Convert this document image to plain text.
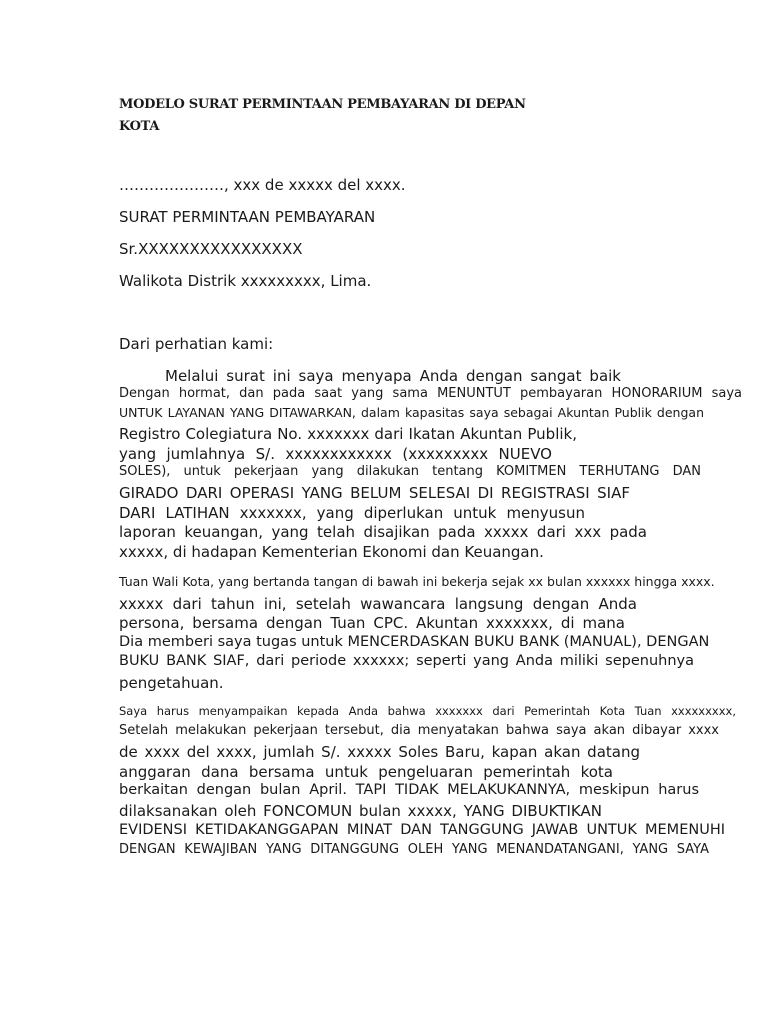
MODELO SURAT PERMINTAAN PEMBAYARAN DI DEPAN KOTA
…………………, xxx de xxxxx del xxxx.
SURAT PERMINTAAN PEMBAYARAN
Sr.XXXXXXXXXXXXXXXX
Walikota Distrik xxxxxxxxx, Lima.
Dari perhatian kami:
Melalui surat ini saya menyapa Anda dengan sangat baik
Dengan hormat, dan pada saat yang sama MENUNTUT pembayaran HONORARIUM saya
UNTUK LAYANAN YANG DITAWARKAN, dalam kapasitas saya sebagai Akuntan Publik dengan
Registro Colegiatura No. xxxxxxx dari Ikatan Akuntan Publik,
yang jumlahnya S/. xxxxxxxxxxxx (xxxxxxxxx NUEVO
SOLES), untuk pekerjaan yang dilakukan tentang KOMITMEN TERHUTANG DAN
GIRADO DARI OPERASI YANG BELUM SELESAI DI REGISTRASI SIAF
DARI LATIHAN xxxxxxx, yang diperlukan untuk menyusun
laporan keuangan, yang telah disajikan pada xxxxx dari xxx pada
xxxxx, di hadapan Kementerian Ekonomi dan Keuangan.
Tuan Wali Kota, yang bertanda tangan di bawah ini bekerja sejak xx bulan xxxxxx hingga xxxx.
xxxxx dari tahun ini, setelah wawancara langsung dengan Anda
persona, bersama dengan Tuan CPC. Akuntan xxxxxxx, di mana
Dia memberi saya tugas untuk MENCERDASKAN BUKU BANK (MANUAL), DENGAN
BUKU BANK SIAF, dari periode xxxxxx; seperti yang Anda miliki sepenuhnya
pengetahuan.
Saya harus menyampaikan kepada Anda bahwa xxxxxxx dari Pemerintah Kota Tuan xxxxxxxxx,
Setelah melakukan pekerjaan tersebut, dia menyatakan bahwa saya akan dibayar xxxx
de xxxx del xxxx, jumlah S/. xxxxx Soles Baru, kapan akan datang
anggaran dana bersama untuk pengeluaran pemerintah kota
berkaitan dengan bulan April. TAPI TIDAK MELAKUKANNYA, meskipun harus
dilaksanakan oleh FONCOMUN bulan xxxxx, YANG DIBUKTIKAN
EVIDENSI KETIDAKANGGAPAN MINAT DAN TANGGUNG JAWAB UNTUK MEMENUHI
DENGAN KEWAJIBAN YANG DITANGGUNG OLEH YANG MENANDATANGANI, YANG SAYA
